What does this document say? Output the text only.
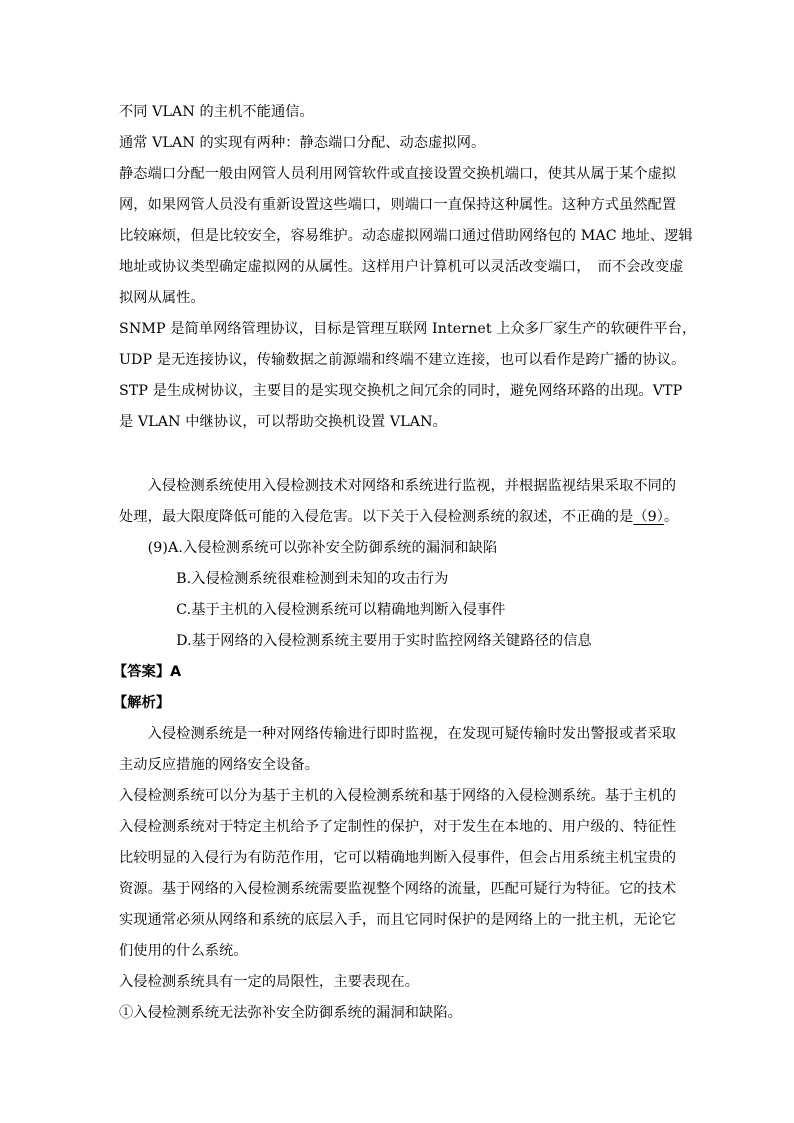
不同 VLAN 的主机不能通信。
通常 VLAN 的实现有两种：静态端口分配、动态虚拟网。
静态端口分配一般由网管人员利用网管软件或直接设置交换机端口，使其从属于某个虚拟
网，如果网管人员没有重新设置这些端口，则端口一直保持这种属性。这种方式虽然配置
比较麻烦，但是比较安全，容易维护。动态虚拟网端口通过借助网络包的 MAC 地址、逻辑
地址或协议类型确定虚拟网的从属性。这样用户计算机可以灵活改变端口，　而不会改变虚
拟网从属性。
SNMP 是简单网络管理协议，目标是管理互联网 Internet 上众多厂家生产的软硬件平台，
UDP 是无连接协议，传输数据之前源端和终端不建立连接，也可以看作是跨广播的协议。
STP 是生成树协议，主要目的是实现交换机之间冗余的同时，避免网络环路的出现。VTP
是 VLAN 中继协议，可以帮助交换机设置 VLAN。
　　入侵检测系统使用入侵检测技术对网络和系统进行监视，并根据监视结果采取不同的
处理，最大限度降低可能的入侵危害。以下关于入侵检测系统的叙述，不正确的是（9）。
　　(9)A.入侵检测系统可以弥补安全防御系统的漏洞和缺陷
　　　　B.入侵检测系统很难检测到未知的攻击行为
　　　　C.基于主机的入侵检测系统可以精确地判断入侵事件
　　　　D.基于网络的入侵检测系统主要用于实时监控网络关键路径的信息
【答案】A
【解析】
　　入侵检测系统是一种对网络传输进行即时监视，在发现可疑传输时发出警报或者采取
主动反应措施的网络安全设备。
入侵检测系统可以分为基于主机的入侵检测系统和基于网络的入侵检测系统。基于主机的
入侵检测系统对于特定主机给予了定制性的保护，对于发生在本地的、用户级的、特征性
比较明显的入侵行为有防范作用，它可以精确地判断入侵事件，但会占用系统主机宝贵的
资源。基于网络的入侵检测系统需要监视整个网络的流量，匹配可疑行为特征。它的技术
实现通常必须从网络和系统的底层入手，而且它同时保护的是网络上的一批主机，无论它
们使用的什么系统。
入侵检测系统具有一定的局限性，主要表现在。
①入侵检测系统无法弥补安全防御系统的漏洞和缺陷。
